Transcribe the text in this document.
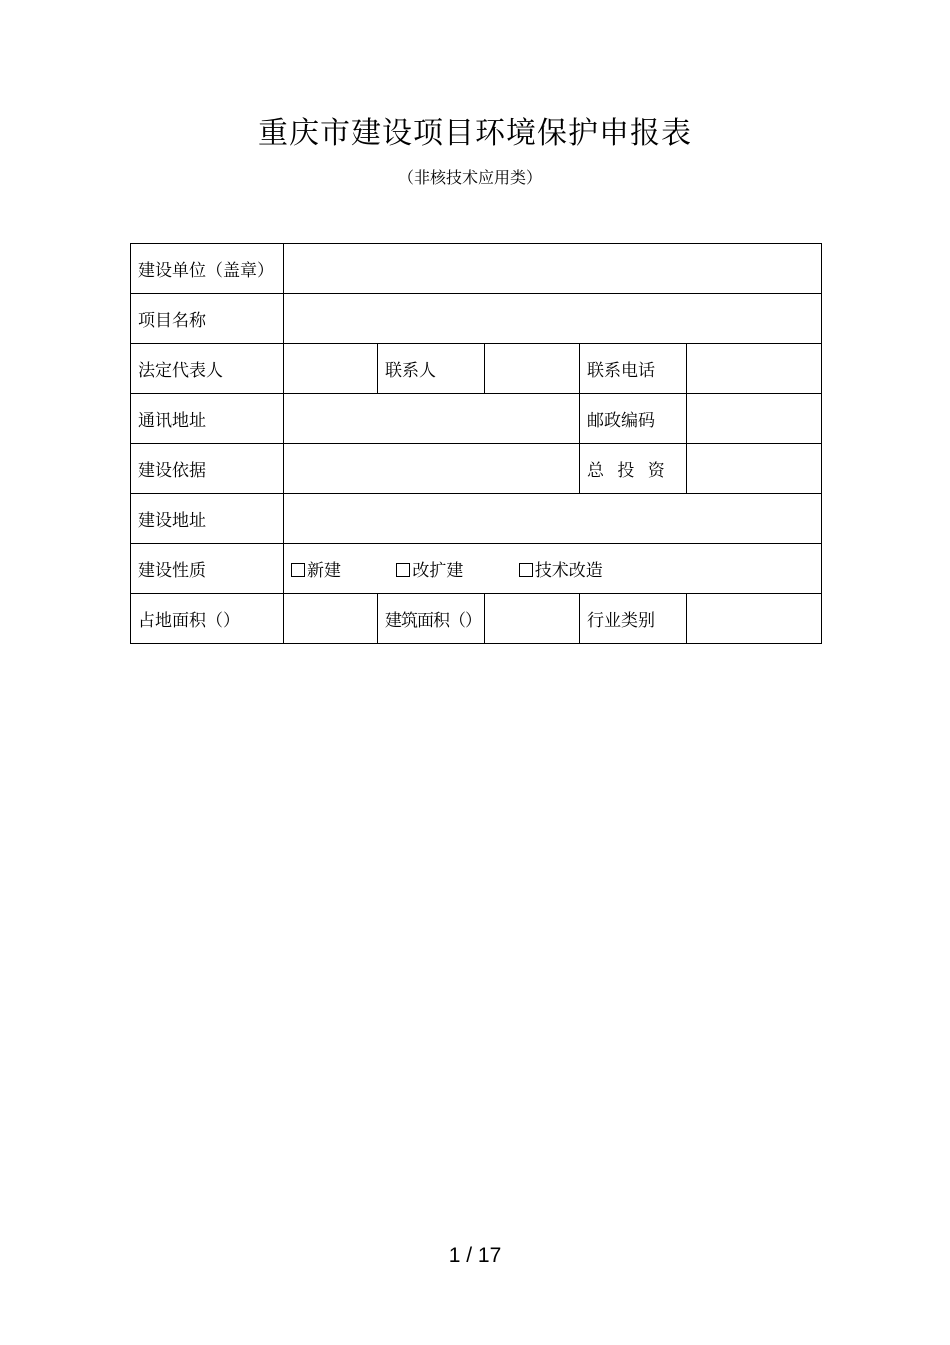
重庆市建设项目环境保护申报表
（非核技术应用类）
建设单位（盖章）					
项目名称					
法定代表人		联系人		联系电话	
通讯地址				邮政编码	
建设依据				总 投 资	
建设地址					
建设性质	新建 改扩建 技术改造				
占地面积（）		建筑面积（）		行业类别	
1 / 17
